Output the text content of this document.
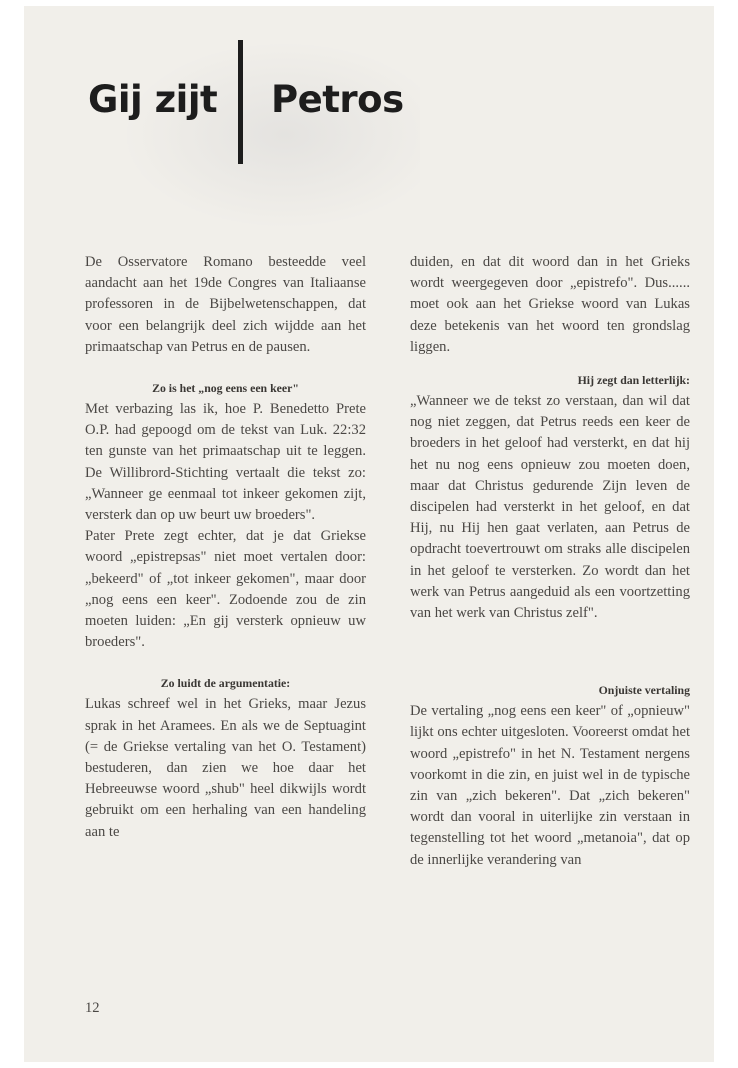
Gij zijt Petros

De Osservatore Romano besteedde veel aandacht aan het 19de Congres van Italiaanse professoren in de Bijbelwetenschappen, dat voor een belangrijk deel zich wijdde aan het primaatschap van Petrus en de pausen.

Zo is het „nog eens een keer"

Met verbazing las ik, hoe P. Benedetto Prete O.P. had gepoogd om de tekst van Luk. 22:32 ten gunste van het primaatschap uit te leggen. De Willibrord-Stichting vertaalt die tekst zo: „Wanneer ge eenmaal tot inkeer gekomen zijt, versterk dan op uw beurt uw broeders".

Pater Prete zegt echter, dat je dat Griekse woord „epistrepsas" niet moet vertalen door: „bekeerd" of „tot inkeer gekomen", maar door „nog eens een keer". Zodoende zou de zin moeten luiden: „En gij versterk opnieuw uw broeders".

Zo luidt de argumentatie:

Lukas schreef wel in het Grieks, maar Jezus sprak in het Aramees. En als we de Septuagint (= de Griekse vertaling van het O. Testament) bestuderen, dan zien we hoe daar het Hebreeuwse woord „shub" heel dikwijls wordt gebruikt om een herhaling van een handeling aan te

duiden, en dat dit woord dan in het Grieks wordt weergegeven door „epistrefo". Dus...... moet ook aan het Griekse woord van Lukas deze betekenis van het woord ten grondslag liggen.

Hij zegt dan letterlijk:

„Wanneer we de tekst zo verstaan, dan wil dat nog niet zeggen, dat Petrus reeds een keer de broeders in het geloof had versterkt, en dat hij het nu nog eens opnieuw zou moeten doen, maar dat Christus gedurende Zijn leven de discipelen had versterkt in het geloof, en dat Hij, nu Hij hen gaat verlaten, aan Petrus de opdracht toevertrouwt om straks alle discipelen in het geloof te versterken. Zo wordt dan het werk van Petrus aangeduid als een voortzetting van het werk van Christus zelf".

Onjuiste vertaling

De vertaling „nog eens een keer" of „opnieuw" lijkt ons echter uitgesloten. Vooreerst omdat het woord „epistrefo" in het N. Testament nergens voorkomt in die zin, en juist wel in de typische zin van „zich bekeren". Dat „zich bekeren" wordt dan vooral in uiterlijke zin verstaan in tegenstelling tot het woord „metanoia", dat op de innerlijke verandering van

12
